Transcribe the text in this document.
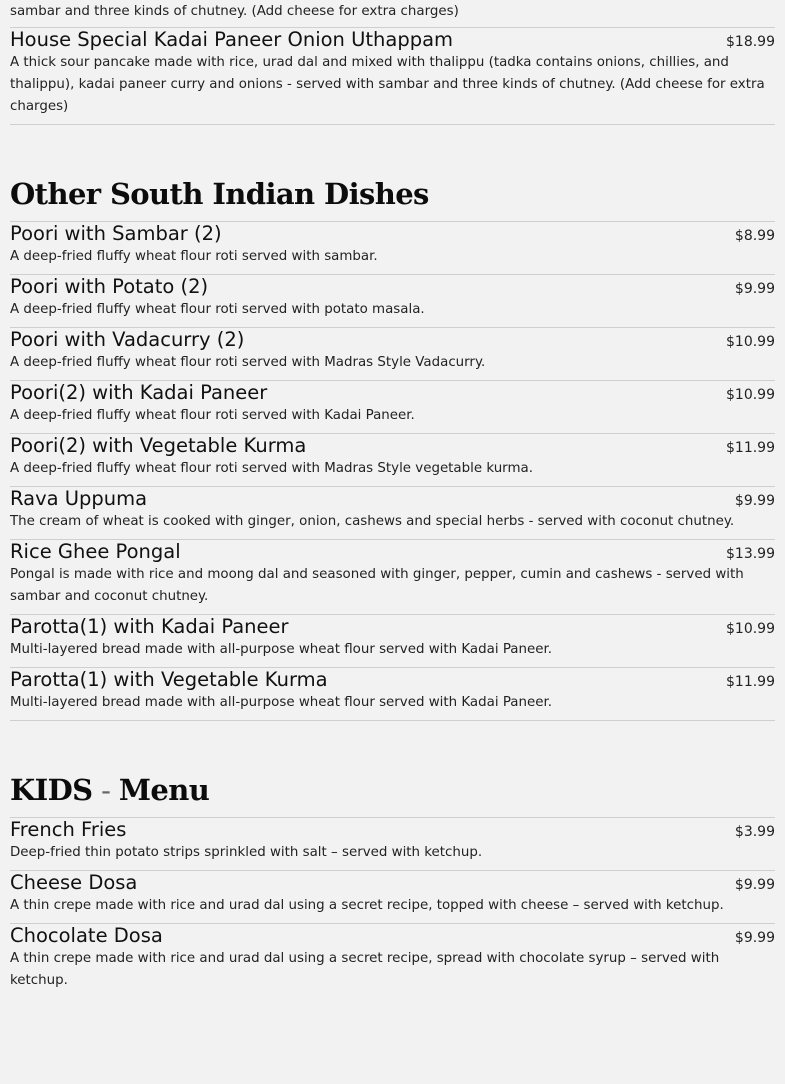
sambar and three kinds of chutney. (Add cheese for extra charges)
House Special Kadai Paneer Onion Uthappam	$18.99
A thick sour pancake made with rice, urad dal and mixed with thalippu (tadka contains onions, chillies, and thalippu), kadai paneer curry and onions - served with sambar and three kinds of chutney. (Add cheese for extra charges)
Other South Indian Dishes
Poori with Sambar (2)	$8.99
A deep-fried fluffy wheat flour roti served with sambar.
Poori with Potato (2)	$9.99
A deep-fried fluffy wheat flour roti served with potato masala.
Poori with Vadacurry (2)	$10.99
A deep-fried fluffy wheat flour roti served with Madras Style Vadacurry.
Poori(2) with Kadai Paneer	$10.99
A deep-fried fluffy wheat flour roti served with Kadai Paneer.
Poori(2) with Vegetable Kurma	$11.99
A deep-fried fluffy wheat flour roti served with Madras Style vegetable kurma.
Rava Uppuma	$9.99
The cream of wheat is cooked with ginger, onion, cashews and special herbs - served with coconut chutney.
Rice Ghee Pongal	$13.99
Pongal is made with rice and moong dal and seasoned with ginger, pepper, cumin and cashews - served with sambar and coconut chutney.
Parotta(1) with Kadai Paneer	$10.99
Multi-layered bread made with all-purpose wheat flour served with Kadai Paneer.
Parotta(1) with Vegetable Kurma	$11.99
Multi-layered bread made with all-purpose wheat flour served with Kadai Paneer.
KIDS - Menu
French Fries	$3.99
Deep-fried thin potato strips sprinkled with salt – served with ketchup.
Cheese Dosa	$9.99
A thin crepe made with rice and urad dal using a secret recipe, topped with cheese – served with ketchup.
Chocolate Dosa	$9.99
A thin crepe made with rice and urad dal using a secret recipe, spread with chocolate syrup – served with ketchup.
